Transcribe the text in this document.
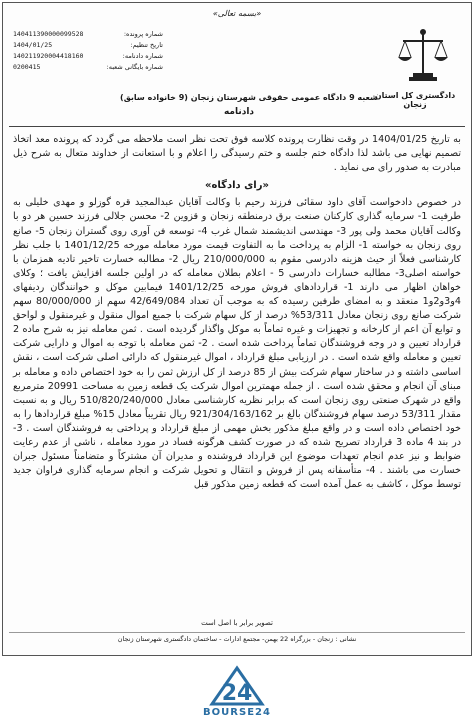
«بسمه تعالی»
دادگستری کل استان زنجان
شماره پرونده:
140411390000099528
تاریخ تنظیم:
1404/01/25
شماره دادنامه:
140211920004418160
شماره بایگانی شعبه:
0200415
شعبه 9 دادگاه عمومی حقوقی شهرستان زنجان (9 خانواده سابق)
دادنامه
به تاریخ 1404/01/25 در وقت نظارت پرونده کلاسه فوق تحت نظر است ملاحظه می گردد که پرونده معد اتخاذ تصمیم نهایی می باشد لذا دادگاه ختم جلسه و ختم رسیدگی را اعلام و با استعانت از خداوند متعال به شرح ذیل مبادرت به صدور رای می نماید .
«رای دادگاه»
در خصوص دادخواست آقای داود سقائی فرزند رحیم با وکالت آقایان عبدالمجید قره گوزلو و مهدی خلیلی به طرفیت 1- سرمایه گذاری کارکنان صنعت برق درمنطقه زنجان و قزوین 2- محسن جلالی فرزند حسین هر دو با وکالت آقایان محمد ولی پور 3- مهندسی اندیشمند شمال غرب 4- توسعه فن آوری روی گستران زنجان 5- صانع روی زنجان به خواسته 1- الزام به پرداخت ما به التفاوت قیمت مورد معامله مورخه 1401/12/25 با جلب نظر کارشناسی فعلاً از حیث هزینه دادرسی مقوم به 210/000/000 ریال 2- مطالبه خسارت تاخیر تادیه همزمان با خواسته اصلی3- مطالبه خسارات دادرسی 5 - اعلام بطلان معامله که در اولین جلسه افزایش یافت ؛ وکلای خواهان اظهار می دارند 1- قراردادهای فروش مورخه 1401/12/25 فیمابین موکل و خوانندگان ردیفهای 4و3و2و1 منعقد و به امضای طرفین رسیده که به موجب آن تعداد 42/649/084 سهم از 80/000/000 سهم شرکت صانع روی زنجان معادل 53/311% درصد از کل سهام شرکت با جمیع اموال منقول و غیرمنقول و لواحق و توابع آن اعم از کارخانه و تجهیزات و غیره تماماً به موکل واگذار گردیده است . ثمن معامله نیز به شرح ماده 2 قرارداد تعیین و در وجه فروشندگان تماماً پرداخت شده است . 2- ثمن معامله با توجه به اموال و دارایی شرکت تعیین و معامله واقع شده است . در ارزیابی مبلغ قرارداد ، اموال غیرمنقول که دارائی اصلی شرکت است ، نقش اساسی داشته و در ساختار سهام شرکت بیش از 85 درصد از کل ارزش ثمن را به خود اختصاص داده و معامله بر مبنای آن انجام و محقق شده است . از جمله مهمترین اموال شرکت یک قطعه زمین به مساحت 20991 مترمربع واقع در شهرک صنعتی روی زنجان است که برابر نظریه کارشناسی معادل 510/820/240/000 ریال و به نسبت مقدار 53/311 درصد سهام فروشندگان بالغ بر 921/304/163/162 ریال تقریباً معادل 15% مبلغ قراردادها را به خود اختصاص داده است و در واقع مبلغ مذکور بخش مهمی از مبلغ قرارداد و پرداختی به فروشندگان است . 3- در بند 4 ماده 3 قرارداد تصریح شده که در صورت کشف هرگونه فساد در مورد معامله ، ناشی از عدم رعایت ضوابط و نیز عدم انجام تعهدات موضوع این قرارداد فروشنده و مدیران آن مشترکاً و متضامناً مسئول جبران خسارت می باشند . 4- متأسفانه پس از فروش و انتقال و تحویل شرکت و انجام سرمایه گذاری فراوان جدید توسط موکل ، کاشف به عمل آمده است که قطعه زمین مذکور قبل
تصویر برابر با اصل است
نشانی : زنجان - بزرگراه 22 بهمن- مجتمع ادارات - ساختمان دادگستری شهرستان زنجان
24
BOURSE24
